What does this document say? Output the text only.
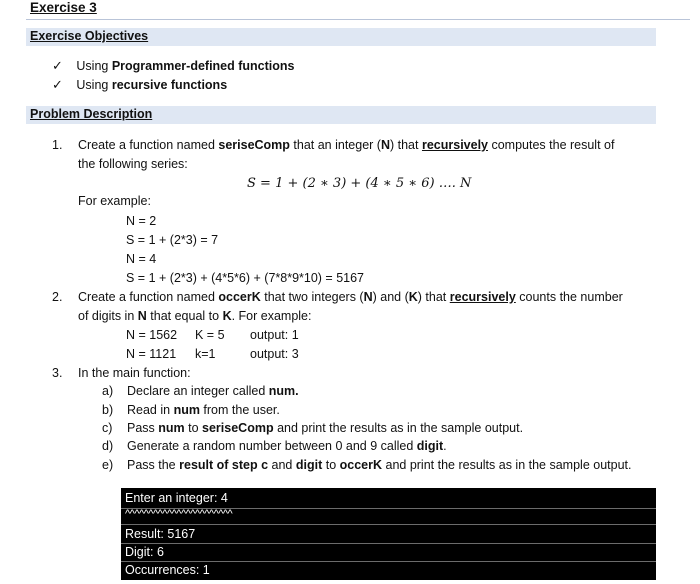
Exercise 3
Exercise Objectives
✓ Using Programmer-defined functions
✓ Using recursive functions
Problem Description
1. Create a function named seriseComp that an integer (N) that recursively computes the result of
the following series:
S = 1 + (2 ∗ 3) + (4 ∗ 5 ∗ 6) …. N
For example:
N = 2
S = 1 + (2*3) = 7
N = 4
S = 1 + (2*3) + (4*5*6) + (7*8*9*10) = 5167
2. Create a function named occerK that two integers (N) and (K) that recursively counts the number
of digits in N that equal to K. For example:
N = 1562 K = 5 output: 1
N = 1121 k=1	output: 3
3. In the main function:
a) Declare an integer called num.
b) Read in num from the user.
c) Pass num to seriseComp and print the results as in the sample output.
d) Generate a random number between 0 and 9 called digit.
e) Pass the result of step c and digit to occerK and print the results as in the sample output.
Enter an integer: 4
^^^^^^^^^^^^^^^^^^^^^^^
Result: 5167
Digit: 6
Occurrences: 1
